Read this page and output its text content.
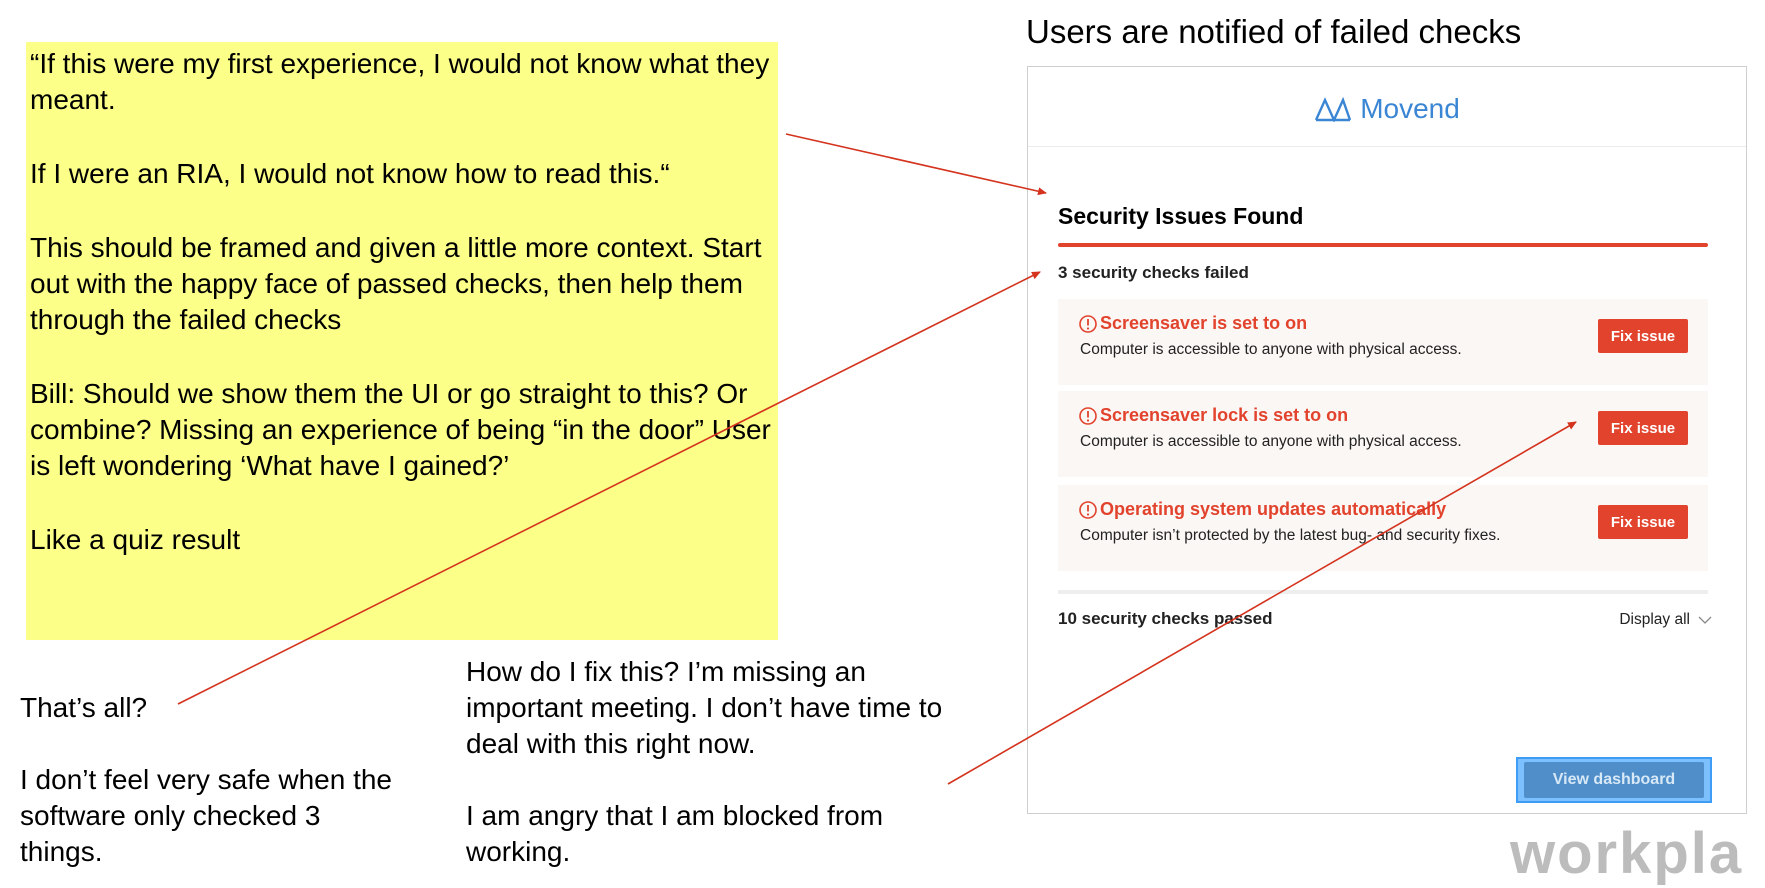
“If this were my first experience, I would not know what they meant.

If I were an RIA, I would not know how to read this.“

This should be framed and given a little more context. Start out with the happy face of passed checks, then help them through the failed checks

Bill: Should we show them the UI or go straight to this? Or combine? Missing an experience of being “in the door” User is left wondering ‘What have I gained?’

Like a quiz result

That’s all?

I don’t feel very safe when the software only checked 3 things.

How do I fix this? I’m missing an important meeting. I don’t have time to deal with this right now.

I am angry that I am blocked from working.

Users are notified of failed checks
Movend
Security Issues Found
3 security checks failed
Screensaver is set to on
Computer is accessible to anyone with physical access.
Fix issue
Screensaver lock is set to on
Computer is accessible to anyone with physical access.
Fix issue
Operating system updates automatically
Computer isn’t protected by the latest bug- and security fixes.
Fix issue
10 security checks passed	Display all
View dashboard
workpla
